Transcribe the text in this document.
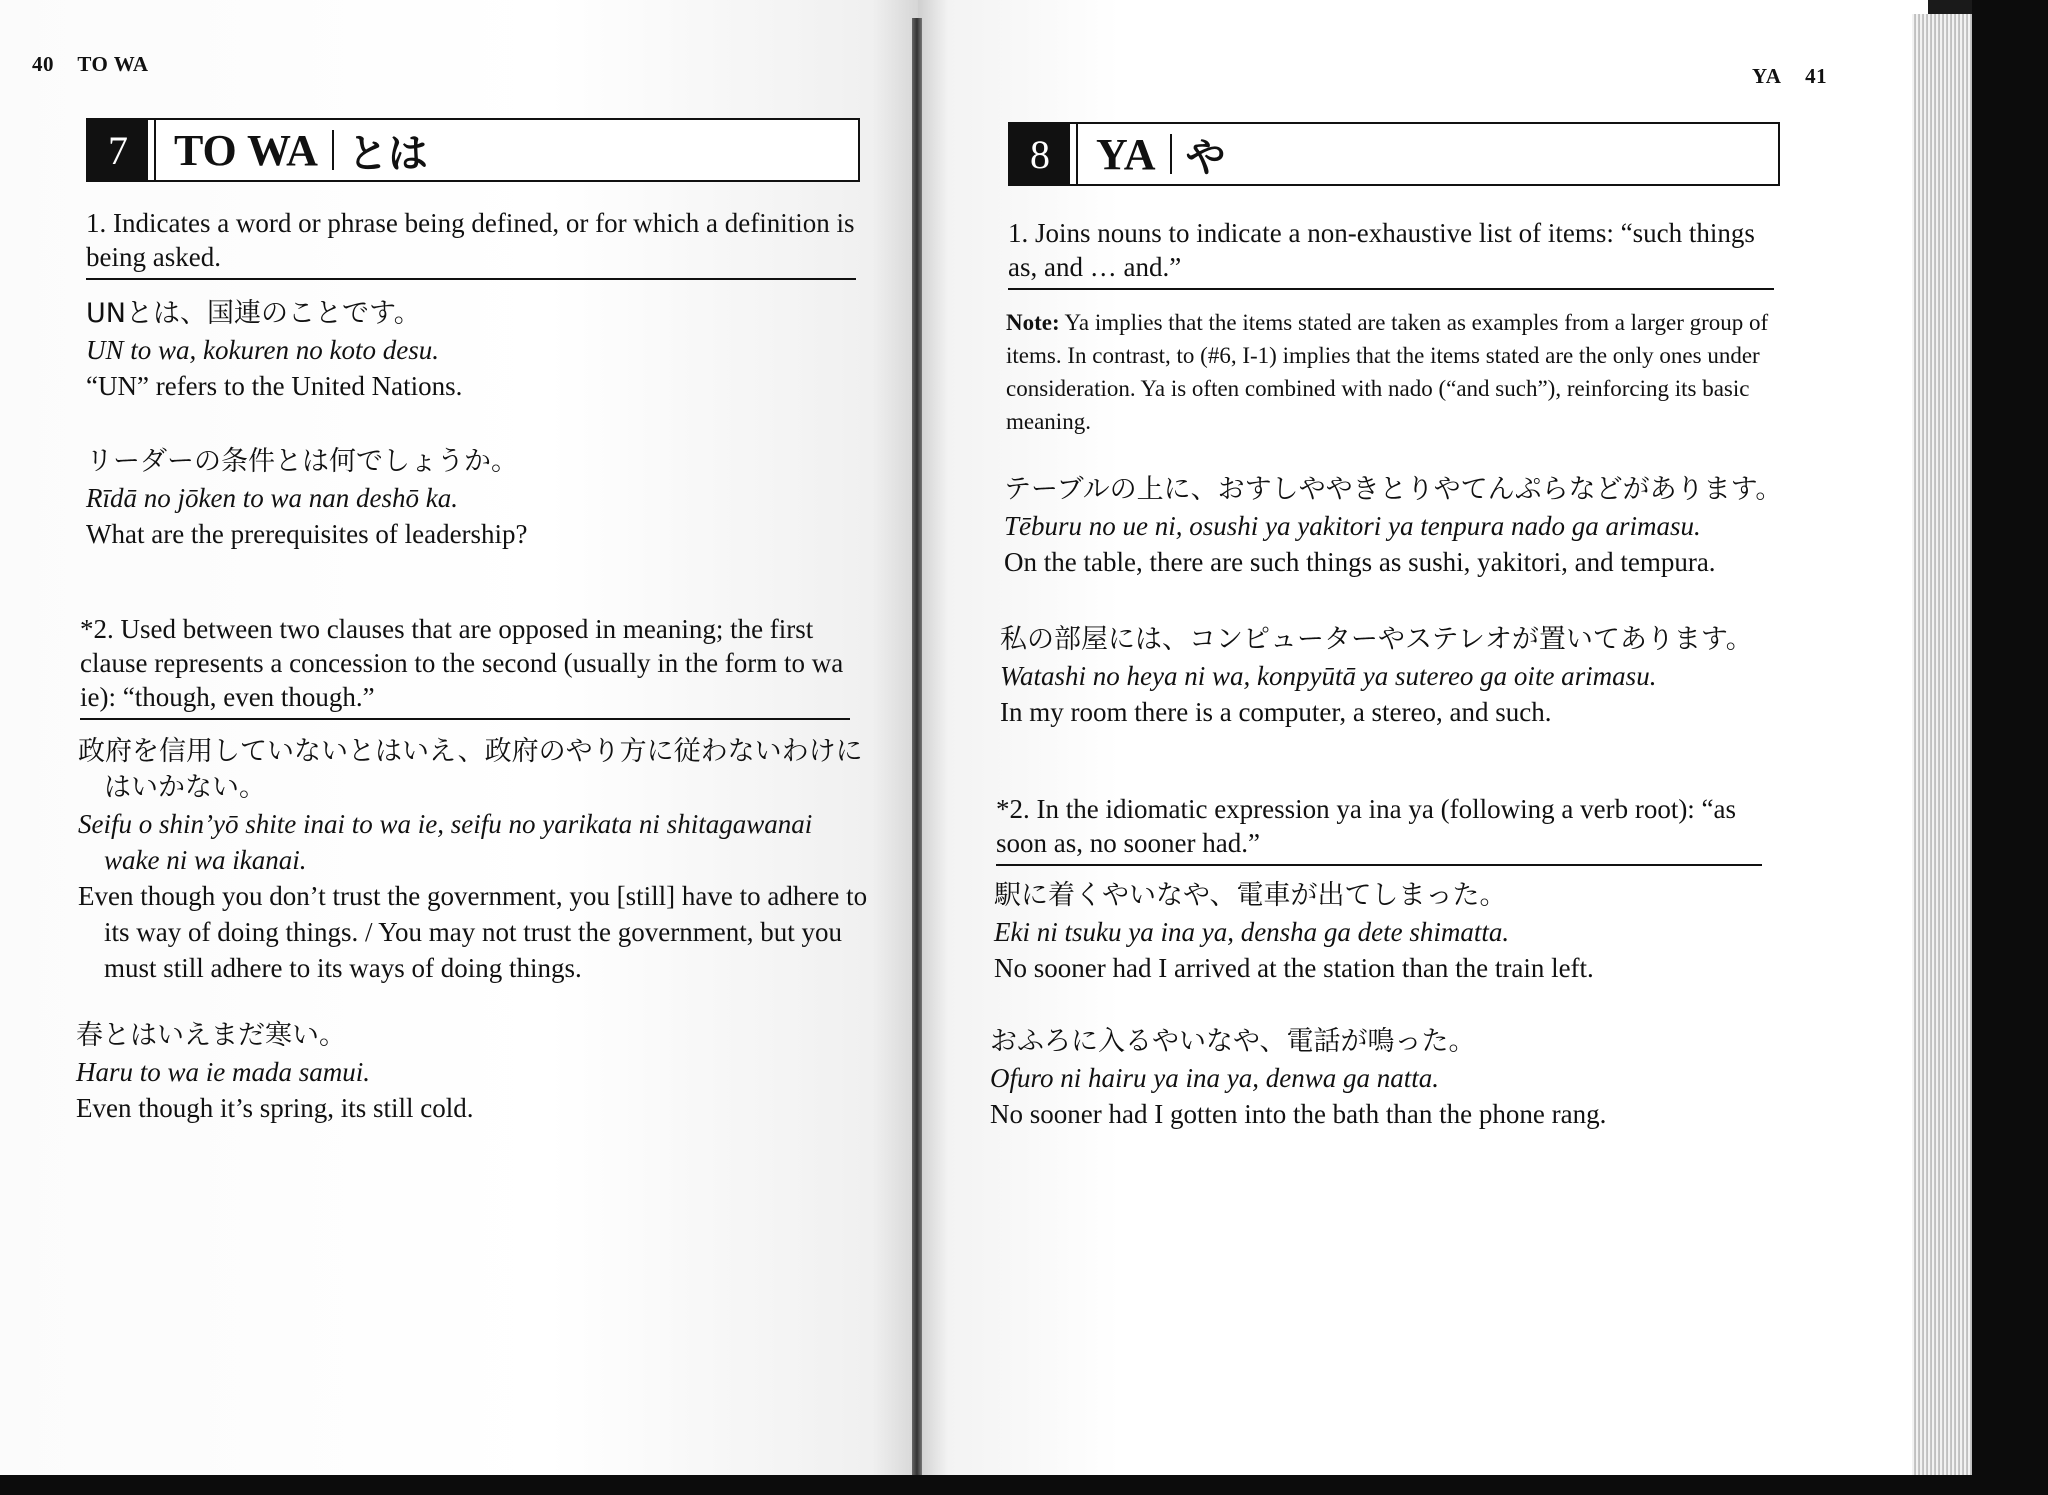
40 TO WA
7	TO WA とは
1. Indicates a word or phrase being defined, or for which a definition is being asked.
UNとは、国連のことです。
UN to wa, kokuren no koto desu.
“UN” refers to the United Nations.
リーダーの条件とは何でしょうか。
Rīdā no jōken to wa nan deshō ka.
What are the prerequisites of leadership?
*2. Used between two clauses that are opposed in meaning; the first clause represents a concession to the second (usually in the form to wa ie): “though, even though.”
政府を信用していないとはいえ、政府のやり方に従わないわけにはいかない。
Seifu o shin’yō shite inai to wa ie, seifu no yarikata ni shitagawanai wake ni wa ikanai.
Even though you don’t trust the government, you [still] have to adhere to its way of doing things. / You may not trust the government, but you must still adhere to its ways of doing things.
春とはいえまだ寒い。
Haru to wa ie mada samui.
Even though it’s spring, its still cold.
YA 41
8	YA や
1. Joins nouns to indicate a non-exhaustive list of items: “such things as, and … and.”
Note: Ya implies that the items stated are taken as examples from a larger group of items. In contrast, to (#6, I-1) implies that the items stated are the only ones under consideration. Ya is often combined with nado (“and such”), reinforcing its basic meaning.
テーブルの上に、おすしややきとりやてんぷらなどがあります。
Tēburu no ue ni, osushi ya yakitori ya tenpura nado ga arimasu.
On the table, there are such things as sushi, yakitori, and tempura.
私の部屋には、コンピューターやステレオが置いてあります。
Watashi no heya ni wa, konpyūtā ya sutereo ga oite arimasu.
In my room there is a computer, a stereo, and such.
*2. In the idiomatic expression ya ina ya (following a verb root): “as soon as, no sooner had.”
駅に着くやいなや、電車が出てしまった。
Eki ni tsuku ya ina ya, densha ga dete shimatta.
No sooner had I arrived at the station than the train left.
おふろに入るやいなや、電話が鳴った。
Ofuro ni hairu ya ina ya, denwa ga natta.
No sooner had I gotten into the bath than the phone rang.
